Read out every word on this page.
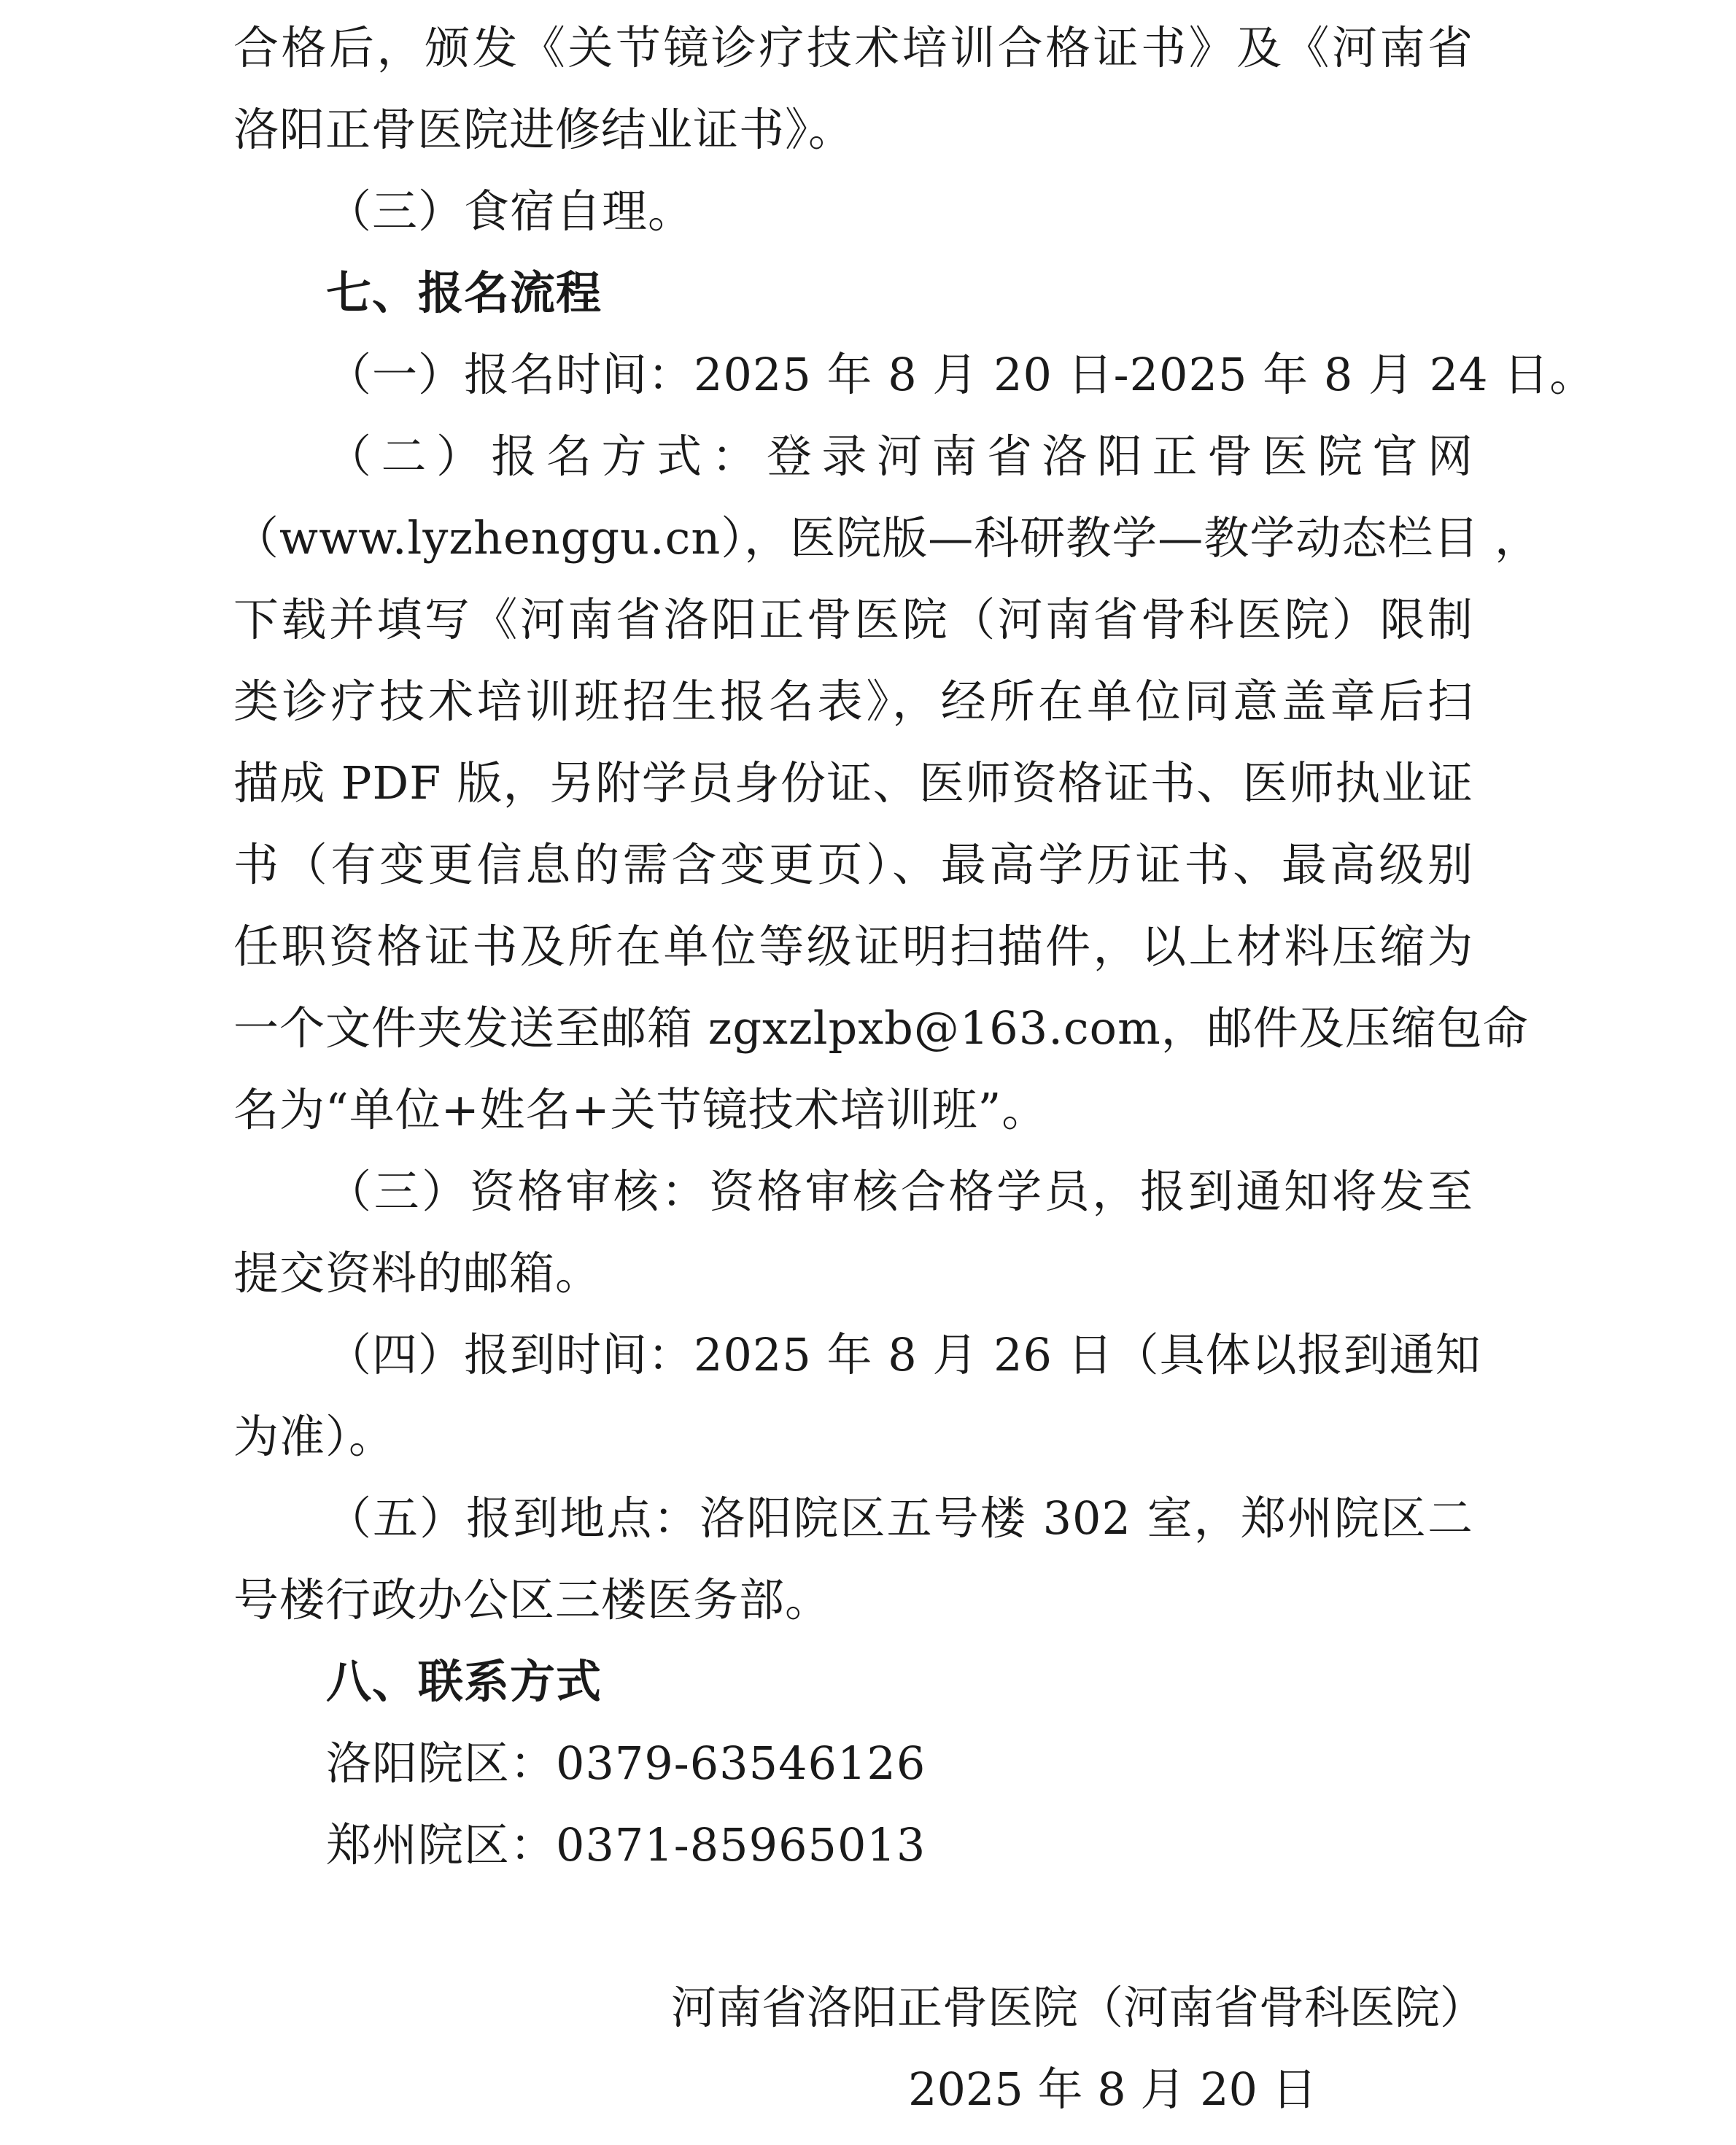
合格后，颁发《关节镜诊疗技术培训合格证书》及《河南省
洛阳正骨医院进修结业证书》。
（三）食宿自理。
七、报名流程
（一）报名时间：2025 年 8 月 20 日-2025 年 8 月 24 日。
（二）报名方式：登录河南省洛阳正骨医院官网
（www.lyzhenggu.cn），医院版—科研教学—教学动态栏目 ，
下载并填写《河南省洛阳正骨医院（河南省骨科医院）限制
类诊疗技术培训班招生报名表》，经所在单位同意盖章后扫
描成 PDF 版，另附学员身份证、医师资格证书、医师执业证
书（有变更信息的需含变更页）、最高学历证书、最高级别
任职资格证书及所在单位等级证明扫描件，以上材料压缩为
一个文件夹发送至邮箱 zgxzlpxb@163.com，邮件及压缩包命
名为“单位+姓名+关节镜技术培训班”。
（三）资格审核：资格审核合格学员，报到通知将发至
提交资料的邮箱。
（四）报到时间：2025 年 8 月 26 日（具体以报到通知
为准）。
（五）报到地点：洛阳院区五号楼 302 室，郑州院区二
号楼行政办公区三楼医务部。
八、联系方式
洛阳院区：0379-63546126
郑州院区：0371-85965013
河南省洛阳正骨医院（河南省骨科医院）
2025 年 8 月 20 日
